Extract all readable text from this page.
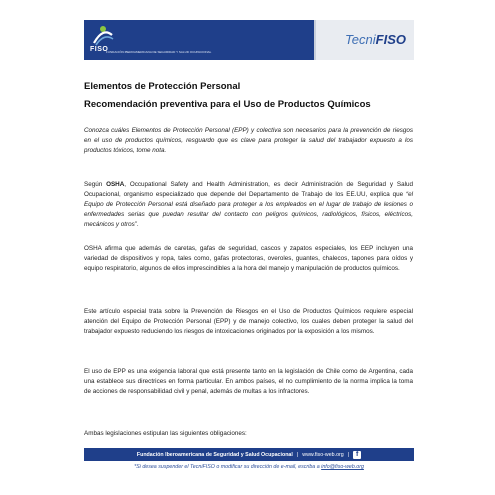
FISO
FUNDACIÓN IBEROAMERICANA DE SEGURIDAD Y SALUD OCUPACIONAL
TecniFISO
Elementos de Protección Personal
Recomendación preventiva para el Uso de Productos Químicos

Conozca cuáles Elementos de Protección Personal (EPP) y colectiva son necesarios para la prevención de riesgos en el uso de productos químicos, resguardo que es clave para proteger la salud del trabajador expuesto a los productos tóxicos, tome nota.

Según OSHA, Occupational Safety and Health Administration, es decir Administración de Seguridad y Salud Ocupacional, organismo especializado que depende del Departamento de Trabajo de los EE.UU, explica que “el Equipo de Protección Personal está diseñado para proteger a los empleados en el lugar de trabajo de lesiones o enfermedades serias que puedan resultar del contacto con peligros químicos, radiológicos, físicos, eléctricos, mecánicos y otros”.

OSHA afirma que además de caretas, gafas de seguridad, cascos y zapatos especiales, los EEP incluyen una variedad de dispositivos y ropa, tales como, gafas protectoras, overoles, guantes, chalecos, tapones para oídos y equipo respiratorio, algunos de ellos imprescindibles a la hora del manejo y manipulación de productos químicos.

Este artículo especial trata sobre la Prevención de Riesgos en el Uso de Productos Químicos requiere especial atención del Equipo de Protección Personal (EPP) y de manejo colectivo, los cuales deben proteger la salud del trabajador expuesto reduciendo los riesgos de intoxicaciones originados por la exposición a los mismos.

El uso de EPP es una exigencia laboral que está presente tanto en la legislación de Chile como de Argentina, cada una establece sus directrices en forma particular. En ambos países, el no cumplimiento de la norma implica la toma de acciones de responsabilidad civil y penal, además de multas a los infractores.

Ambas legislaciones estipulan las siguientes obligaciones:

Fundación Iberoamericana de Seguridad y Salud Ocupacional | www.fiso-web.org | f
*Si desea suspender el TecniFISO o modificar su dirección de e-mail, escriba a info@fiso-web.org
